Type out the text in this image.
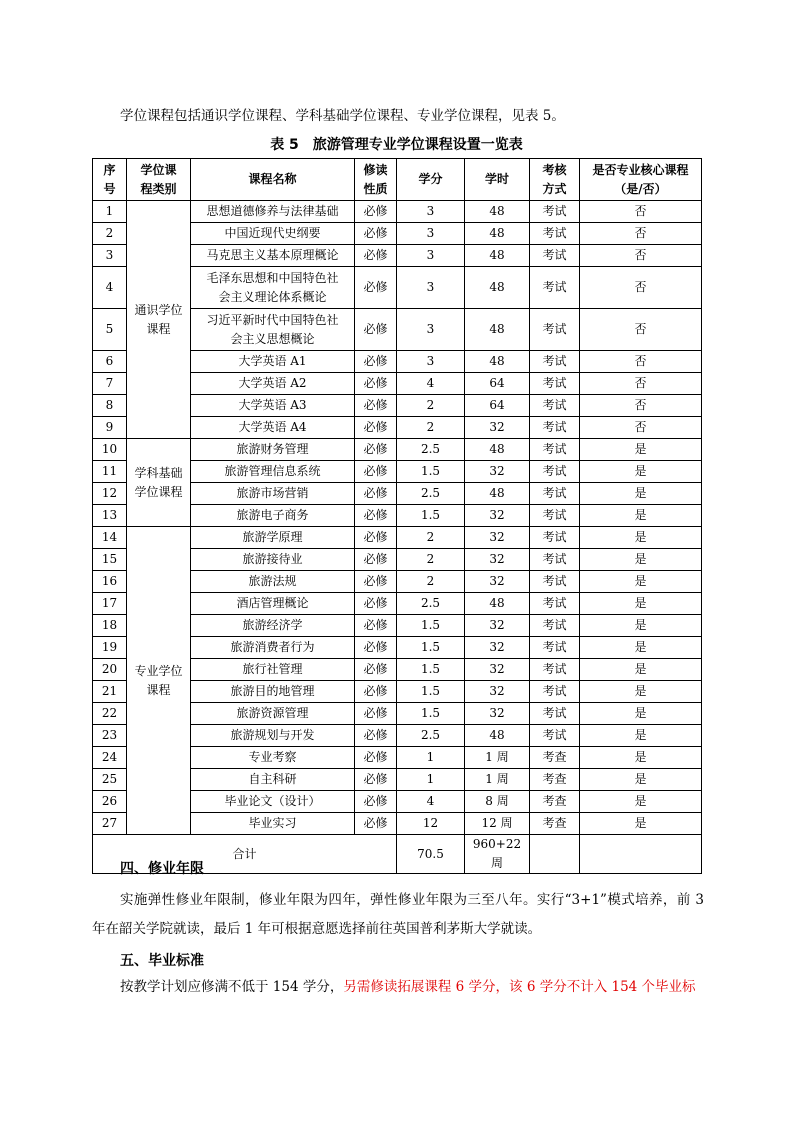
学位课程包括通识学位课程、学科基础学位课程、专业学位课程，见表 5。
表 5　旅游管理专业学位课程设置一览表
序
号	学位课
程类别	课程名称	修读
性质	学分	学时	考核
方式	是否专业核心课程
（是/否）
1	通识学位
课程	思想道德修养与法律基础	必修	3	48	考试	否
2		中国近现代史纲要	必修	3	48	考试	否
3		马克思主义基本原理概论	必修	3	48	考试	否
4		毛泽东思想和中国特色社
会主义理论体系概论	必修	3	48	考试	否
5		习近平新时代中国特色社
会主义思想概论	必修	3	48	考试	否
6		大学英语 A1	必修	3	48	考试	否
7		大学英语 A2	必修	4	64	考试	否
8		大学英语 A3	必修	2	64	考试	否
9		大学英语 A4	必修	2	32	考试	否
10	学科基础
学位课程	旅游财务管理	必修	2.5	48	考试	是
11		旅游管理信息系统	必修	1.5	32	考试	是
12		旅游市场营销	必修	2.5	48	考试	是
13		旅游电子商务	必修	1.5	32	考试	是
14	专业学位
课程	旅游学原理	必修	2	32	考试	是
15		旅游接待业	必修	2	32	考试	是
16		旅游法规	必修	2	32	考试	是
17		酒店管理概论	必修	2.5	48	考试	是
18		旅游经济学	必修	1.5	32	考试	是
19		旅游消费者行为	必修	1.5	32	考试	是
20		旅行社管理	必修	1.5	32	考试	是
21		旅游目的地管理	必修	1.5	32	考试	是
22		旅游资源管理	必修	1.5	32	考试	是
23		旅游规划与开发	必修	2.5	48	考试	是
24		专业考察	必修	1	1 周	考查	是
25		自主科研	必修	1	1 周	考查	是
26		毕业论文（设计）	必修	4	8 周	考查	是
27		毕业实习	必修	12	12 周	考查	是
合计				70.5	960+22 周		
四、修业年限

实施弹性修业年限制，修业年限为四年，弹性修业年限为三至八年。实行“3+1”模式培养，前 3 年在韶关学院就读，最后 1 年可根据意愿选择前往英国普利茅斯大学就读。

五、毕业标准
按教学计划应修满不低于 154 学分，另需修读拓展课程 6 学分，该 6 学分不计入 154 个毕业标
